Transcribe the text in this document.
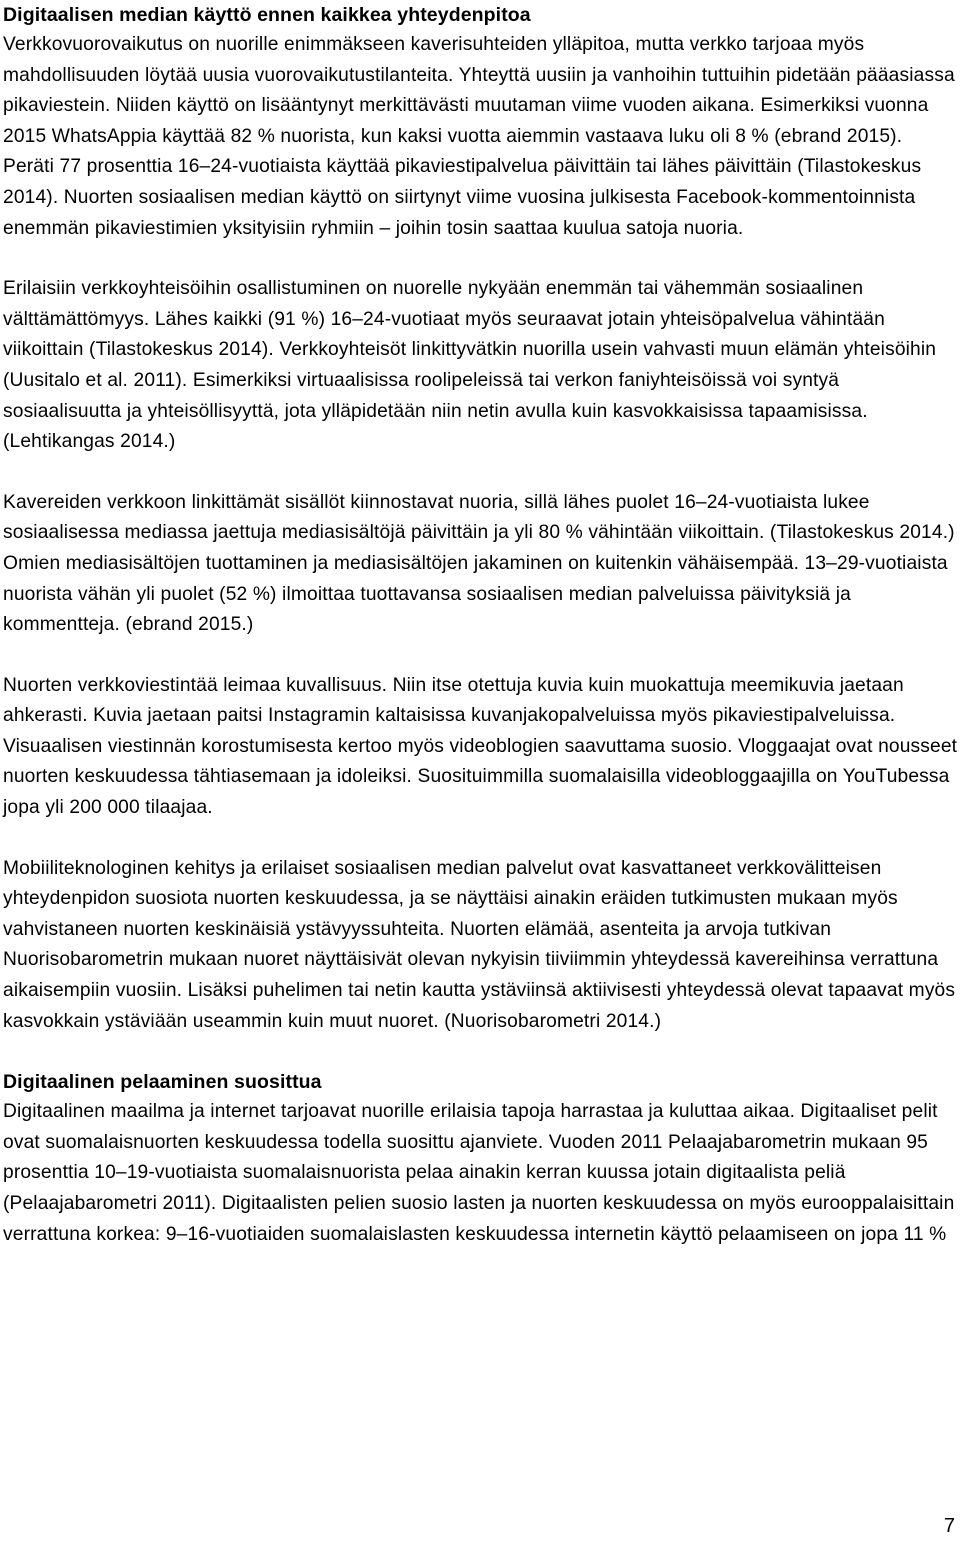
Digitaalisen median käyttö ennen kaikkea yhteydenpitoa

Verkkovuorovaikutus on nuorille enimmäkseen kaverisuhteiden ylläpitoa, mutta verkko tarjoaa myös mahdollisuuden löytää uusia vuorovaikutustilanteita. Yhteyttä uusiin ja vanhoihin tuttuihin pidetään pääasiassa pikaviestein. Niiden käyttö on lisääntynyt merkittävästi muutaman viime vuoden aikana. Esimerkiksi vuonna 2015 WhatsAppia käyttää 82 % nuorista, kun kaksi vuotta aiemmin vastaava luku oli 8 % (ebrand 2015). Peräti 77 prosenttia 16–24-vuotiaista käyttää pikaviestipalvelua päivittäin tai lähes päivittäin (Tilastokeskus 2014). Nuorten sosiaalisen median käyttö on siirtynyt viime vuosina julkisesta Facebook-kommentoinnista enemmän pikaviestimien yksityisiin ryhmiin – joihin tosin saattaa kuulua satoja nuoria.

Erilaisiin verkkoyhteisöihin osallistuminen on nuorelle nykyään enemmän tai vähemmän sosiaalinen välttämättömyys. Lähes kaikki (91 %) 16–24-vuotiaat myös seuraavat jotain yhteisöpalvelua vähintään viikoittain (Tilastokeskus 2014). Verkkoyhteisöt linkittyvätkin nuorilla usein vahvasti muun elämän yhteisöihin (Uusitalo et al. 2011). Esimerkiksi virtuaalisissa roolipeleissä tai verkon faniyhteisöissä voi syntyä sosiaalisuutta ja yhteisöllisyyttä, jota ylläpidetään niin netin avulla kuin kasvokkaisissa tapaamisissa. (Lehtikangas 2014.)

Kavereiden verkkoon linkittämät sisällöt kiinnostavat nuoria, sillä lähes puolet 16–24-vuotiaista lukee sosiaalisessa mediassa jaettuja mediasisältöjä päivittäin ja yli 80 % vähintään viikoittain. (Tilastokeskus 2014.) Omien mediasisältöjen tuottaminen ja mediasisältöjen jakaminen on kuitenkin vähäisempää. 13–29-vuotiaista nuorista vähän yli puolet (52 %) ilmoittaa tuottavansa sosiaalisen median palveluissa päivityksiä ja kommentteja. (ebrand 2015.)

Nuorten verkkoviestintää leimaa kuvallisuus. Niin itse otettuja kuvia kuin muokattuja meemikuvia jaetaan ahkerasti. Kuvia jaetaan paitsi Instagramin kaltaisissa kuvanjakopalveluissa myös pikaviestipalveluissa. Visuaalisen viestinnän korostumisesta kertoo myös videoblogien saavuttama suosio. Vloggaajat ovat nousseet nuorten keskuudessa tähtiasemaan ja idoleiksi. Suosituimmilla suomalaisilla videobloggaajilla on YouTubessa jopa yli 200 000 tilaajaa.

Mobiiliteknologinen kehitys ja erilaiset sosiaalisen median palvelut ovat kasvattaneet verkkovälitteisen yhteydenpidon suosiota nuorten keskuudessa, ja se näyttäisi ainakin eräiden tutkimusten mukaan myös vahvistaneen nuorten keskinäisiä ystävyyssuhteita. Nuorten elämää, asenteita ja arvoja tutkivan Nuorisobarometrin mukaan nuoret näyttäisivät olevan nykyisin tiiviimmin yhteydessä kavereihinsa verrattuna aikaisempiin vuosiin. Lisäksi puhelimen tai netin kautta ystäviinsä aktiivisesti yhteydessä olevat tapaavat myös kasvokkain ystäviään useammin kuin muut nuoret. (Nuorisobarometri 2014.)

Digitaalinen pelaaminen suosittua

Digitaalinen maailma ja internet tarjoavat nuorille erilaisia tapoja harrastaa ja kuluttaa aikaa. Digitaaliset pelit ovat suomalaisnuorten keskuudessa todella suosittu ajanviete. Vuoden 2011 Pelaajabarometrin mukaan 95 prosenttia 10–19-vuotiaista suomalaisnuorista pelaa ainakin kerran kuussa jotain digitaalista peliä (Pelaajabarometri 2011). Digitaalisten pelien suosio lasten ja nuorten keskuudessa on myös eurooppalaisittain verrattuna korkea: 9–16-vuotiaiden suomalaislasten keskuudessa internetin käyttö pelaamiseen on jopa 11 %

7
